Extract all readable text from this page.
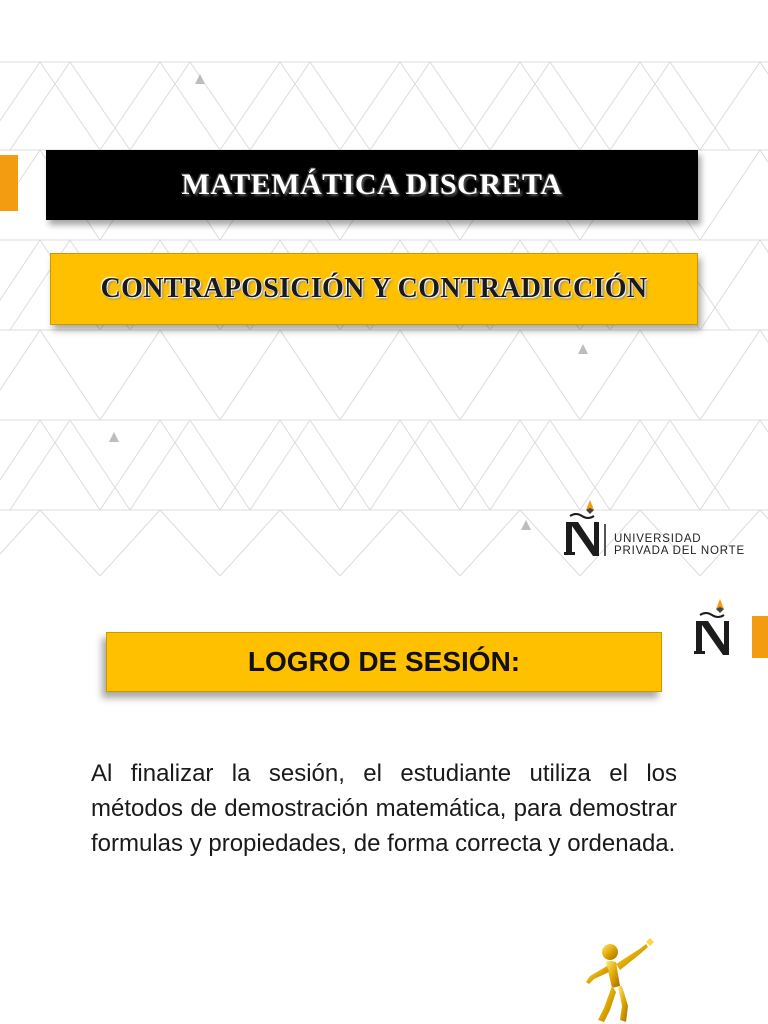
MATEMÁTICA DISCRETA
CONTRAPOSICIÓN Y CONTRADICCIÓN
UNIVERSIDAD
PRIVADA DEL NORTE
LOGRO DE SESIÓN:
Al finalizar la sesión, el estudiante utiliza el los métodos de demostración matemática, para demostrar formulas y propiedades, de forma correcta y ordenada.
